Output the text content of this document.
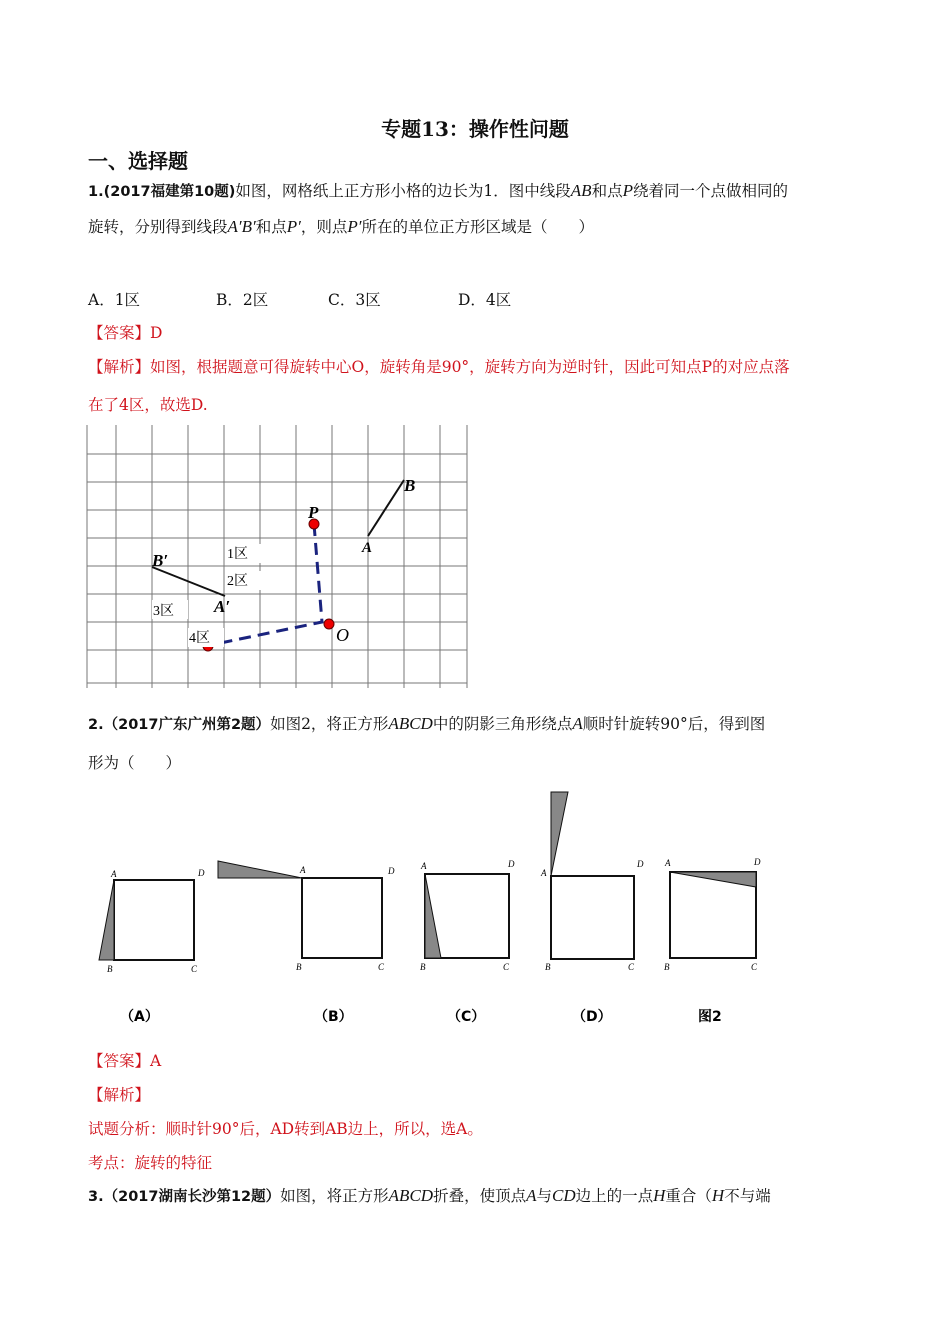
专题13：操作性问题
一、选择题
1.(2017福建第10题)如图，网格纸上正方形小格的边长为1．图中线段AB和点P绕着同一个点做相同的
旋转，分别得到线段A′B′和点P′，则点P′所在的单位正方形区域是（　　）
A．1区	B．2区	C．3区	D．4区
【答案】D
【解析】如图，根据题意可得旋转中心O，旋转角是90°，旋转方向为逆时针，因此可知点P的对应点落
在了4区，故选D.
B
A
P
O
B′
A′
1区
2区
3区
4区
2.（2017广东广州第2题）如图2，将正方形ABCD中的阴影三角形绕点A顺时针旋转90°后，得到图
形为（　　）
A
B	C
D	A
B	C
D	A
B	C
D
A
B	C
D A
B	C
D
（A）	（B）	（C）	（D）	图2
【答案】A
【解析】
试题分析：顺时针90°后，AD转到AB边上，所以，选A。
考点：旋转的特征
3.（2017湖南长沙第12题）如图，将正方形ABCD折叠，使顶点A与CD边上的一点H重合（H不与端
